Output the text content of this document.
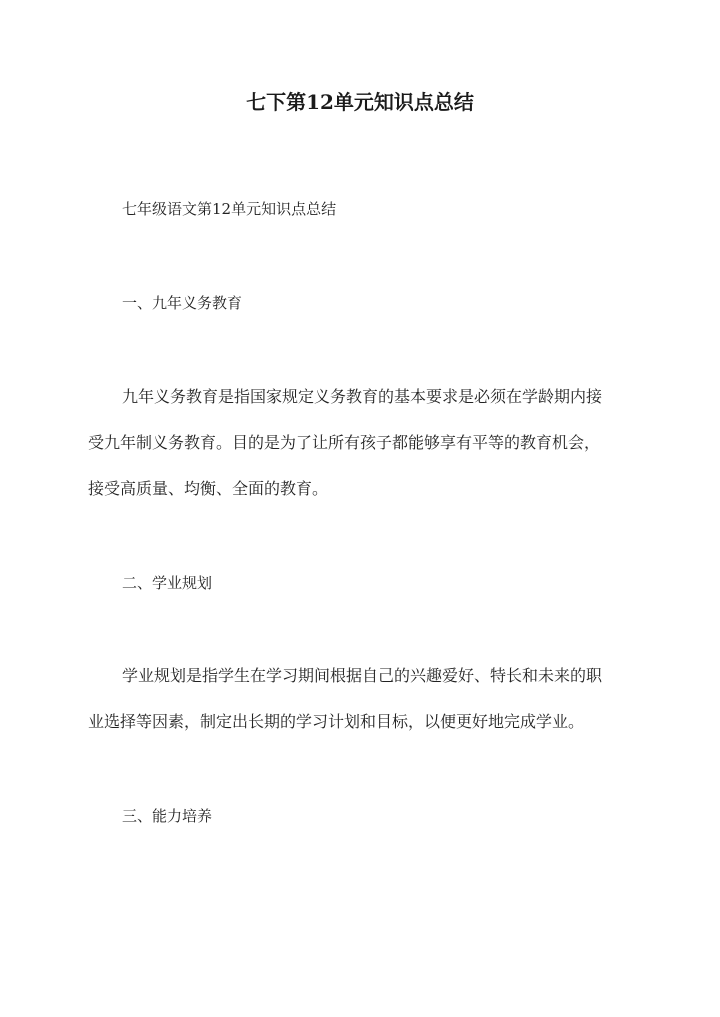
七下第12单元知识点总结
七年级语文第12单元知识点总结
一、九年义务教育
九年义务教育是指国家规定义务教育的基本要求是必须在学龄期内接
受九年制义务教育。目的是为了让所有孩子都能够享有平等的教育机会，
接受高质量、均衡、全面的教育。
二、学业规划
学业规划是指学生在学习期间根据自己的兴趣爱好、特长和未来的职
业选择等因素，制定出长期的学习计划和目标，以便更好地完成学业。
三、能力培养
